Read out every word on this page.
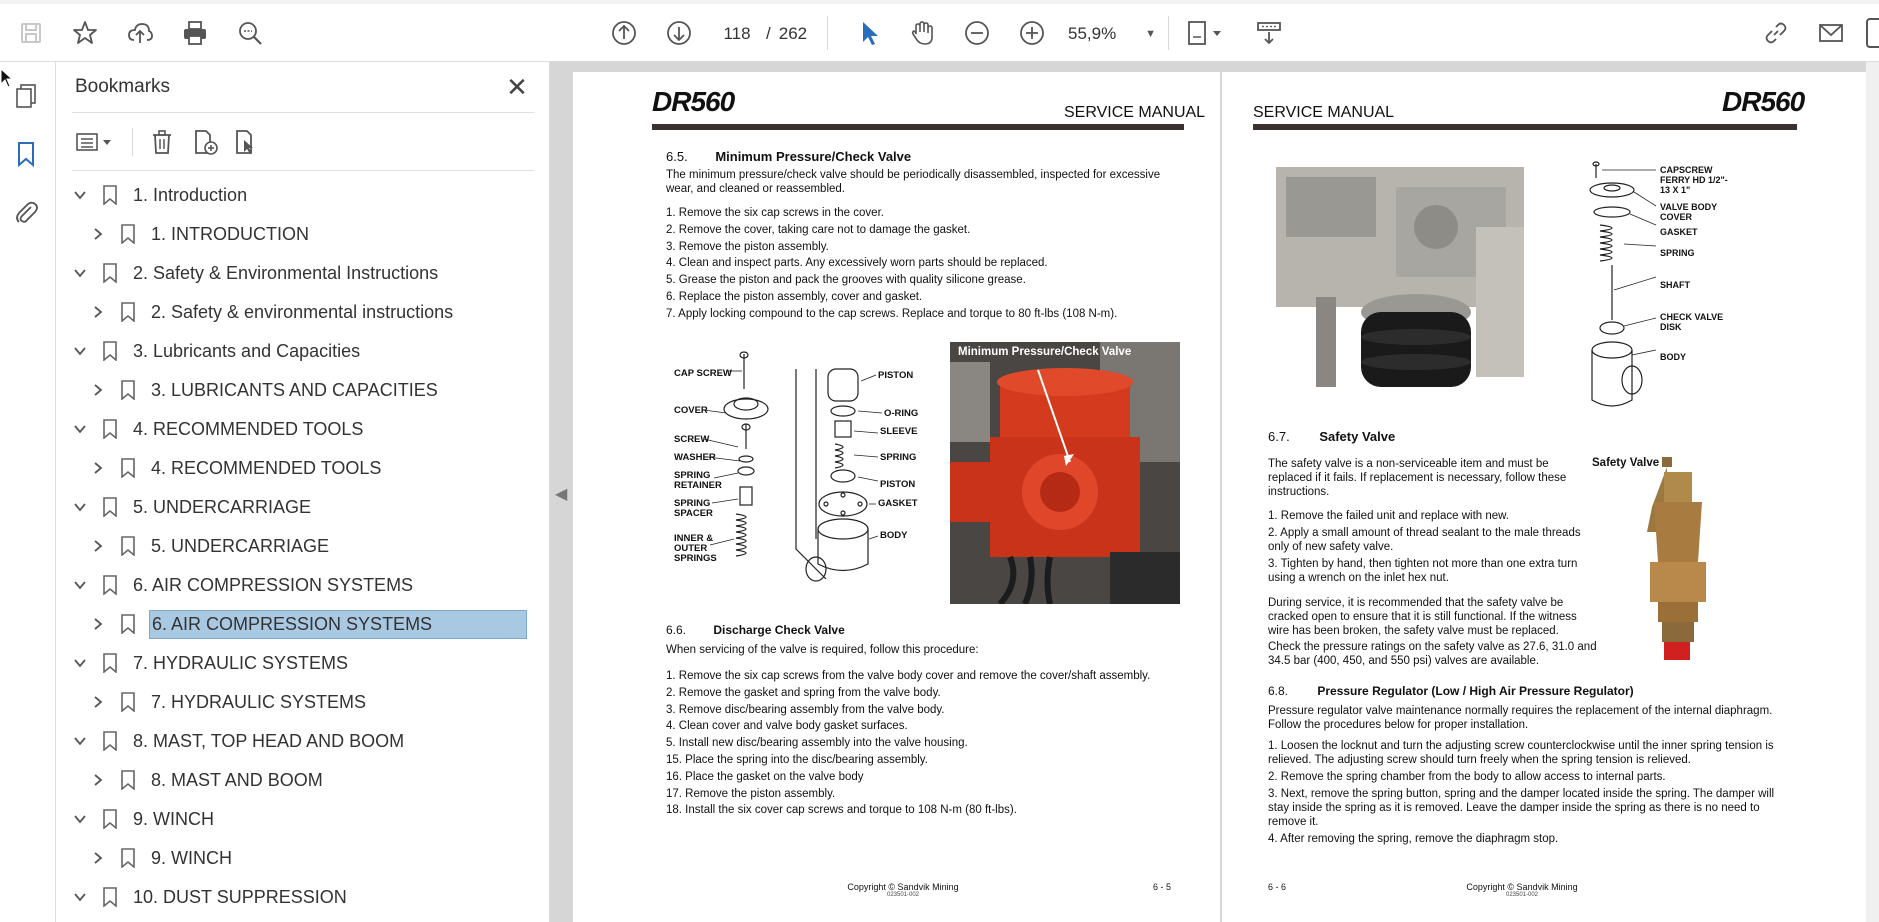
118
/ 262	55,9%	▼
Bookmarks	✕
1. Introduction
1. INTRODUCTION
2. Safety & Environmental Instructions
2. Safety & environmental instructions
3. Lubricants and Capacities
3. LUBRICANTS AND CAPACITIES
4. RECOMMENDED TOOLS
4. RECOMMENDED TOOLS
5. UNDERCARRIAGE
5. UNDERCARRIAGE
6. AIR COMPRESSION SYSTEMS
6. AIR COMPRESSION SYSTEMS
7. HYDRAULIC SYSTEMS
7. HYDRAULIC SYSTEMS
8. MAST, TOP HEAD AND BOOM
8. MAST AND BOOM
9. WINCH
9. WINCH
10. DUST SUPPRESSION
DR560	SERVICE MANUAL
6.5. Minimum Pressure/Check Valve
The minimum pressure/check valve should be periodically disassembled, inspected for excessive wear, and cleaned or reassembled.
1. Remove the six cap screws in the cover.
2. Remove the cover, taking care not to damage the gasket.
3. Remove the piston assembly.
4. Clean and inspect parts. Any excessively worn parts should be replaced.
5. Grease the piston and pack the grooves with quality silicone grease.
6. Replace the piston assembly, cover and gasket.
7. Apply locking compound to the cap screws. Replace and torque to 80 ft-lbs (108 N-m).
CAP SCREW
COVER
SCREW
WASHER
SPRING RETAINER
SPRING SPACER
INNER & OUTER SPRINGS
PISTON
O-RING
SLEEVE
SPRING
PISTON
GASKET
BODY
Minimum Pressure/Check Valve
6.6. Discharge Check Valve
When servicing of the valve is required, follow this procedure:
1. Remove the six cap screws from the valve body cover and remove the cover/shaft assembly.
2. Remove the gasket and spring from the valve body.
3. Remove disc/bearing assembly from the valve body.
4. Clean cover and valve body gasket surfaces.
5. Install new disc/bearing assembly into the valve housing.
15. Place the spring into the disc/bearing assembly.
16. Place the gasket on the valve body
17. Remove the piston assembly.
18. Install the six cover cap screws and torque to 108 N-m (80 ft-lbs).
Copyright © Sandvik Mining
023501-002
6 - 5
SERVICE MANUAL	DR560
CAPSCREW FERRY HD 1/2"- 13 X 1"
VALVE BODY COVER
GASKET
SPRING
SHAFT
CHECK VALVE DISK
BODY
6.7. Safety Valve
Safety Valve
The safety valve is a non-serviceable item and must be replaced if it fails. If replacement is necessary, follow these instructions.
1. Remove the failed unit and replace with new.
2. Apply a small amount of thread sealant to the male threads only of new safety valve.
3. Tighten by hand, then tighten not more than one extra turn using a wrench on the inlet hex nut.
During service, it is recommended that the safety valve be cracked open to ensure that it is still functional. If the witness wire has been broken, the safety valve must be replaced.
Check the pressure ratings on the safety valve as 27.6, 31.0 and 34.5 bar (400, 450, and 550 psi) valves are available.
6.8. Pressure Regulator (Low / High Air Pressure Regulator)
Pressure regulator valve maintenance normally requires the replacement of the internal diaphragm. Follow the procedures below for proper installation.
1. Loosen the locknut and turn the adjusting screw counterclockwise until the inner spring tension is relieved. The adjusting screw should turn freely when the spring tension is relieved.
2. Remove the spring chamber from the body to allow access to internal parts.
3. Next, remove the spring button, spring and the damper located inside the spring. The damper will stay inside the spring as it is removed. Leave the damper inside the spring as there is no need to remove it.
4. After removing the spring, remove the diaphragm stop.
6 - 6	Copyright © Sandvik Mining
023501-002
◀
